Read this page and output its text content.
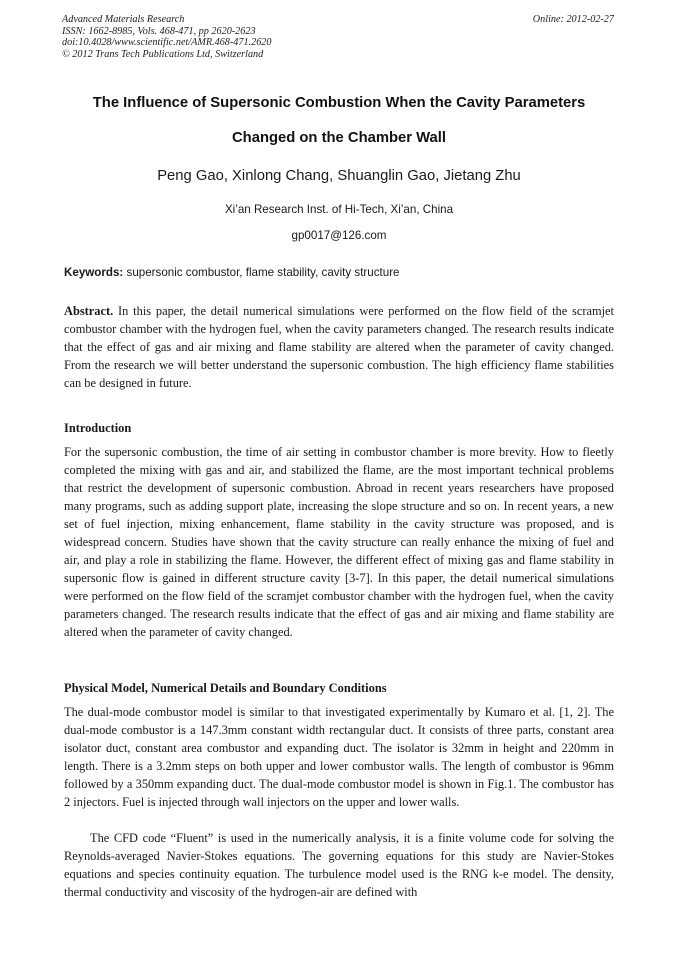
Advanced Materials Research
ISSN: 1662-8985, Vols. 468-471, pp 2620-2623
doi:10.4028/www.scientific.net/AMR.468-471.2620
© 2012 Trans Tech Publications Ltd, Switzerland
Online: 2012-02-27
The Influence of Supersonic Combustion When the Cavity Parameters
Changed on the Chamber Wall
Peng Gao, Xinlong Chang, Shuanglin Gao, Jietang Zhu
Xi’an Research Inst. of Hi-Tech, Xi’an, China
gp0017@126.com
Keywords: supersonic combustor, flame stability, cavity structure
Abstract. In this paper, the detail numerical simulations were performed on the flow field of the scramjet combustor chamber with the hydrogen fuel, when the cavity parameters changed. The research results indicate that the effect of gas and air mixing and flame stability are altered when the parameter of cavity changed. From the research we will better understand the supersonic combustion. The high efficiency flame stabilities can be designed in future.
Introduction
For the supersonic combustion, the time of air setting in combustor chamber is more brevity. How to fleetly completed the mixing with gas and air, and stabilized the flame, are the most important technical problems that restrict the development of supersonic combustion. Abroad in recent years researchers have proposed many programs, such as adding support plate, increasing the slope structure and so on. In recent years, a new set of fuel injection, mixing enhancement, flame stability in the cavity structure was proposed, and is widespread concern. Studies have shown that the cavity structure can really enhance the mixing of fuel and air, and play a role in stabilizing the flame. However, the different effect of mixing gas and flame stability in supersonic flow is gained in different structure cavity [3-7]. In this paper, the detail numerical simulations were performed on the flow field of the scramjet combustor chamber with the hydrogen fuel, when the cavity parameters changed. The research results indicate that the effect of gas and air mixing and flame stability are altered when the parameter of cavity changed.
Physical Model, Numerical Details and Boundary Conditions
The dual-mode combustor model is similar to that investigated experimentally by Kumaro et al. [1, 2]. The dual-mode combustor is a 147.3mm constant width rectangular duct. It consists of three parts, constant area isolator duct, constant area combustor and expanding duct. The isolator is 32mm in height and 220mm in length. There is a 3.2mm steps on both upper and lower combustor walls. The length of combustor is 96mm followed by a 350mm expanding duct. The dual-mode combustor model is shown in Fig.1. The combustor has 2 injectors. Fuel is injected through wall injectors on the upper and lower walls.
The CFD code “Fluent” is used in the numerically analysis, it is a finite volume code for solving the Reynolds-averaged Navier-Stokes equations. The governing equations for this study are Navier-Stokes equations and species continuity equation. The turbulence model used is the RNG k-e model. The density, thermal conductivity and viscosity of the hydrogen-air are defined with
